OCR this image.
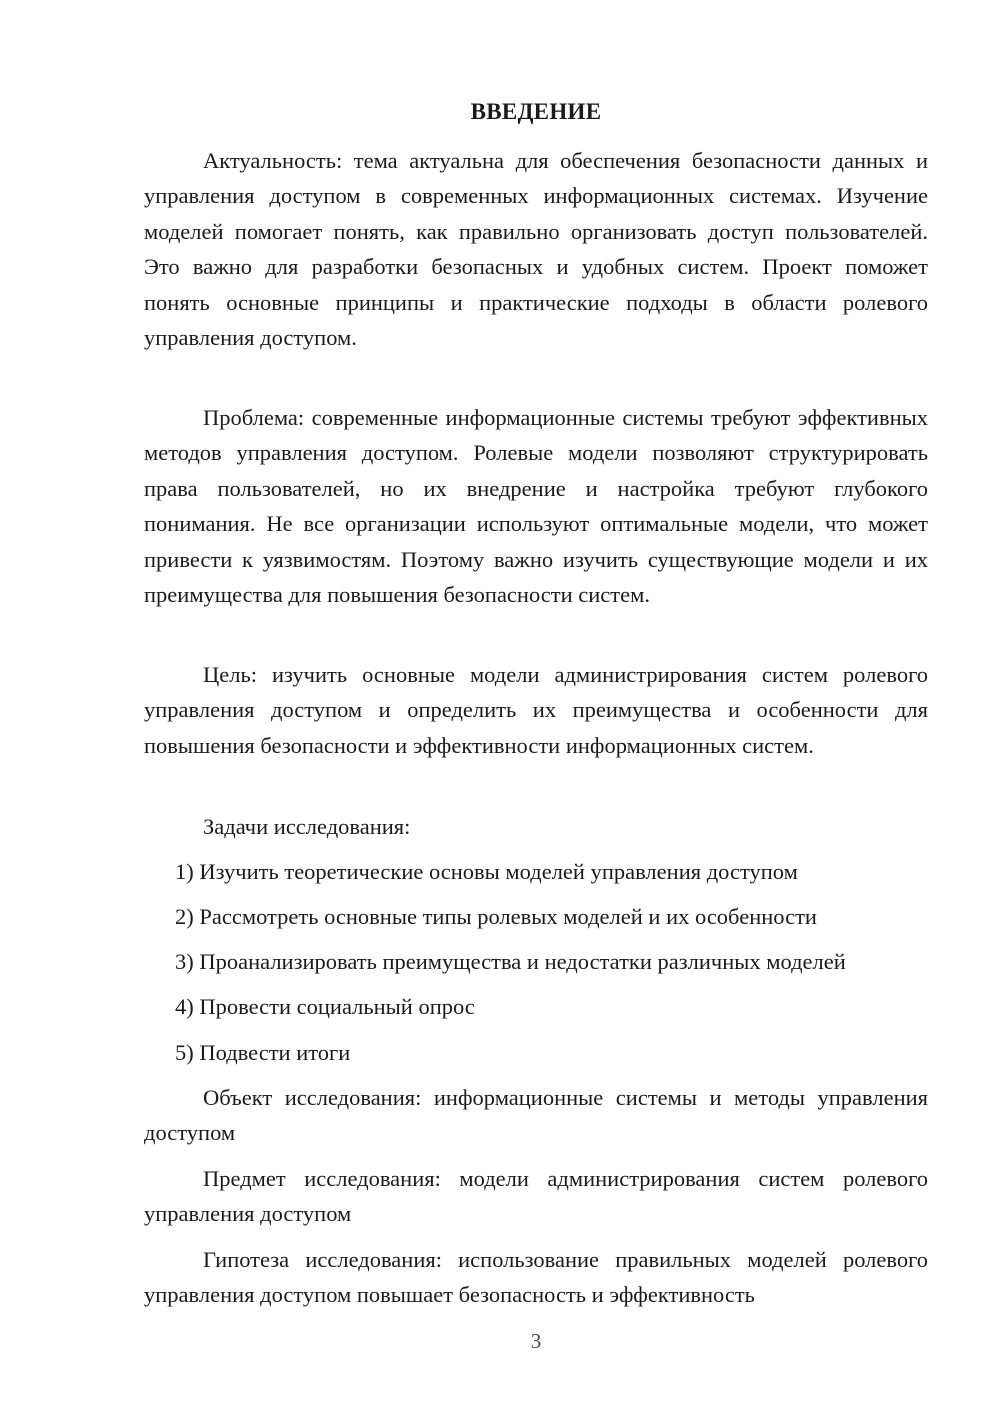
ВВЕДЕНИЕ

Актуальность: тема актуальна для обеспечения безопасности данных и управления доступом в современных информационных системах. Изучение моделей помогает понять, как правильно организовать доступ пользователей. Это важно для разработки безопасных и удобных систем. Проект поможет понять основные принципы и практические подходы в области ролевого управления доступом.

Проблема: современные информационные системы требуют эффективных методов управления доступом. Ролевые модели позволяют структурировать права пользователей, но их внедрение и настройка требуют глубокого понимания. Не все организации используют оптимальные модели, что может привести к уязвимостям. Поэтому важно изучить существующие модели и их преимущества для повышения безопасности систем.

Цель: изучить основные модели администрирования систем ролевого управления доступом и определить их преимущества и особенности для повышения безопасности и эффективности информационных систем.

Задачи исследования:

1) Изучить теоретические основы моделей управления доступом

2) Рассмотреть основные типы ролевых моделей и их особенности

3) Проанализировать преимущества и недостатки различных моделей

4) Провести социальный опрос

5) Подвести итоги

Объект исследования: информационные системы и методы управления доступом

Предмет исследования: модели администрирования систем ролевого управления доступом

Гипотеза исследования: использование правильных моделей ролевого управления доступом повышает безопасность и эффективность

3
